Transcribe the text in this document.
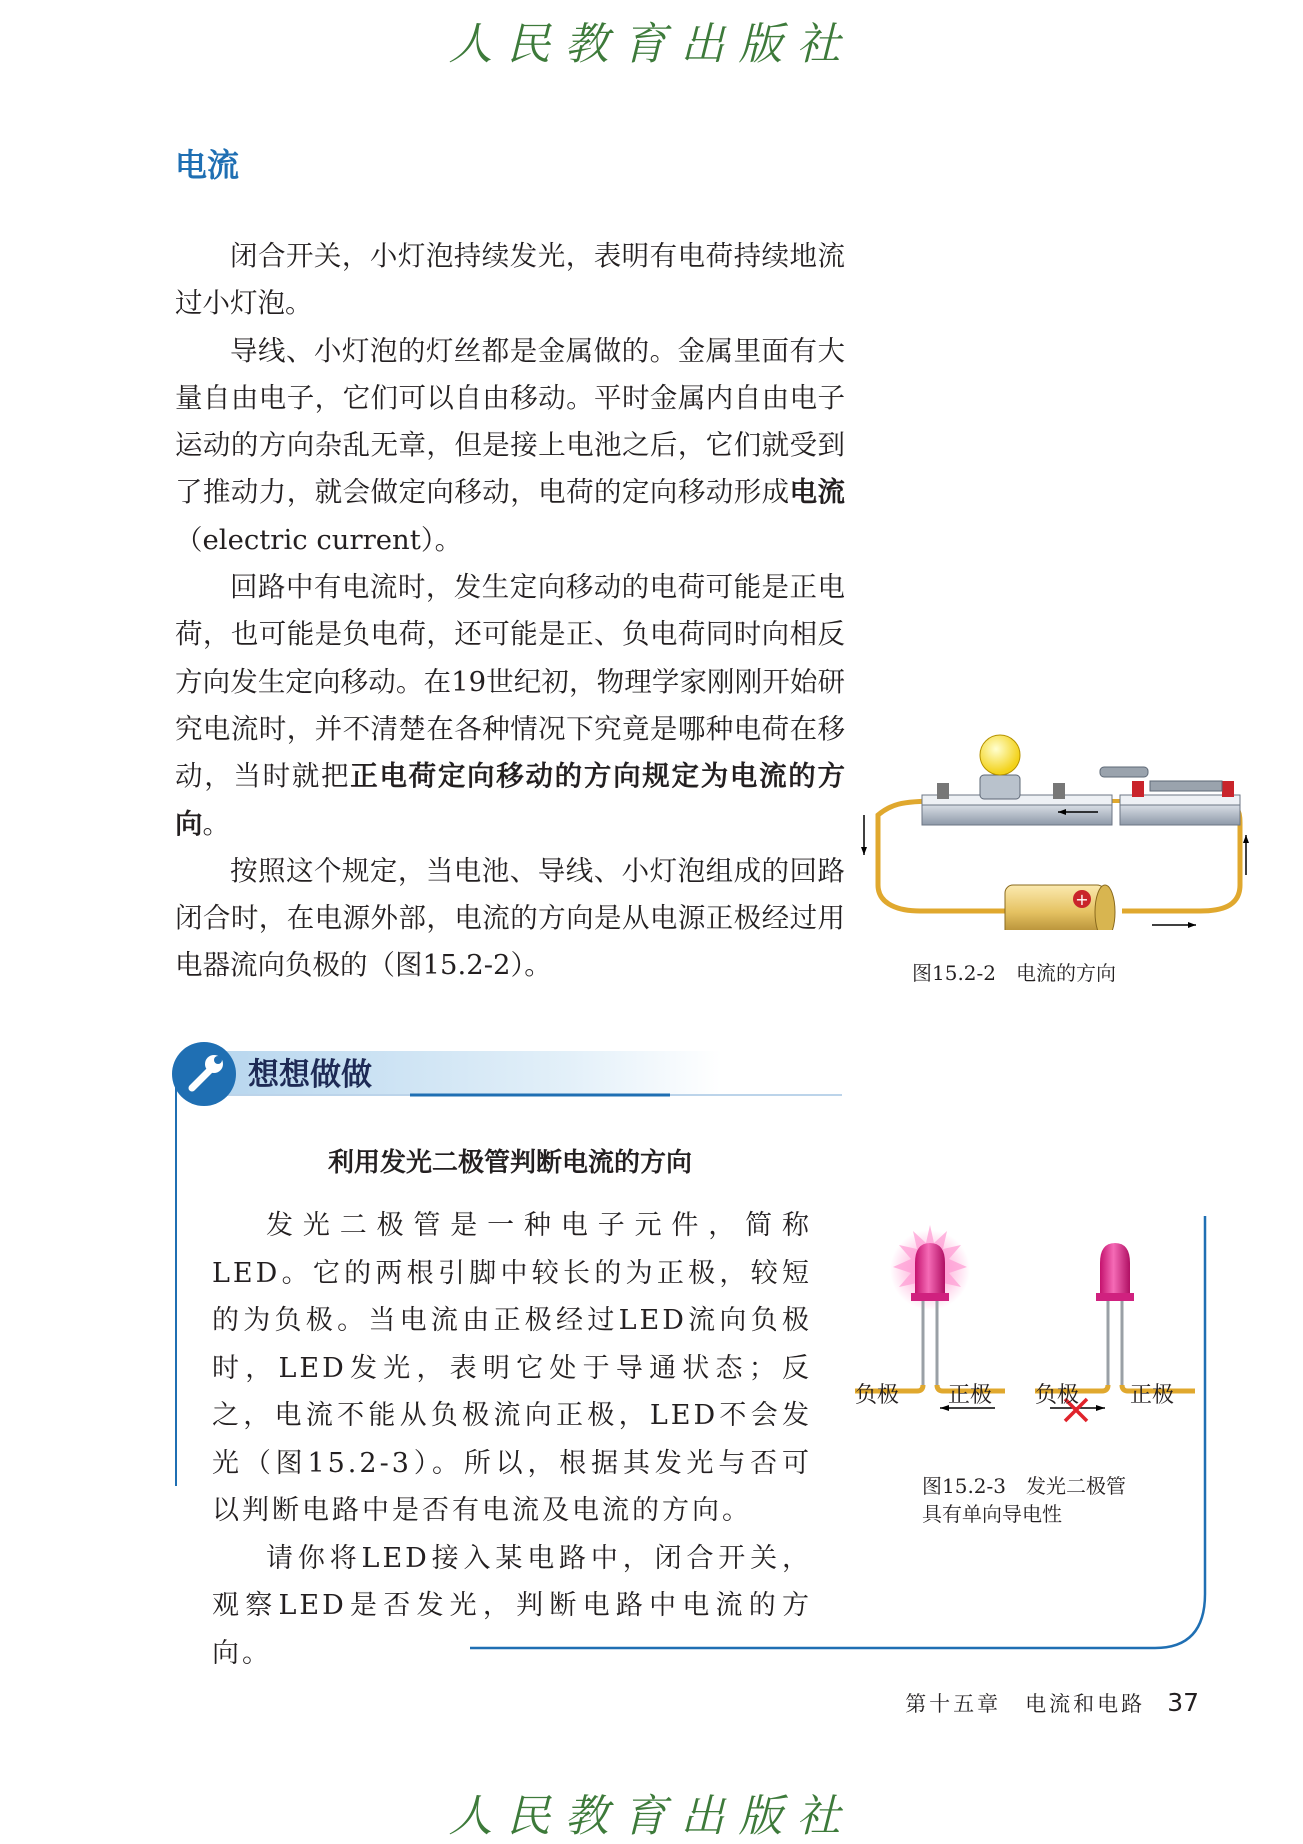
人民教育出版社
人民教育出版社
电流

闭合开关，小灯泡持续发光，表明有电荷持续地流过小灯泡。

导线、小灯泡的灯丝都是金属做的。金属里面有大量自由电子，它们可以自由移动。平时金属内自由电子运动的方向杂乱无章，但是接上电池之后，它们就受到了推动力，就会做定向移动，电荷的定向移动形成电流（electric current）。

回路中有电流时，发生定向移动的电荷可能是正电荷，也可能是负电荷，还可能是正、负电荷同时向相反方向发生定向移动。在19世纪初，物理学家刚刚开始研究电流时，并不清楚在各种情况下究竟是哪种电荷在移动，当时就把正电荷定向移动的方向规定为电流的方向。

按照这个规定，当电池、导线、小灯泡组成的回路闭合时，在电源外部，电流的方向是从电源正极经过用电器流向负极的（图15.2-2）。

+
图15.2-2　电流的方向
想想做做
利用发光二极管判断电流的方向

发光二极管是一种电子元件，简称LED。它的两根引脚中较长的为正极，较短的为负极。当电流由正极经过LED流向负极时，LED发光，表明它处于导通状态；反之，电流不能从负极流向正极，LED不会发光（图15.2-3）。所以，根据其发光与否可以判断电路中是否有电流及电流的方向。

请你将LED接入某电路中，闭合开关，观察LED是否发光，判断电路中电流的方向。

负极 正极 负极 正极
图15.2-3　发光二极管
具有单向导电性
第十五章　电流和电路 37
